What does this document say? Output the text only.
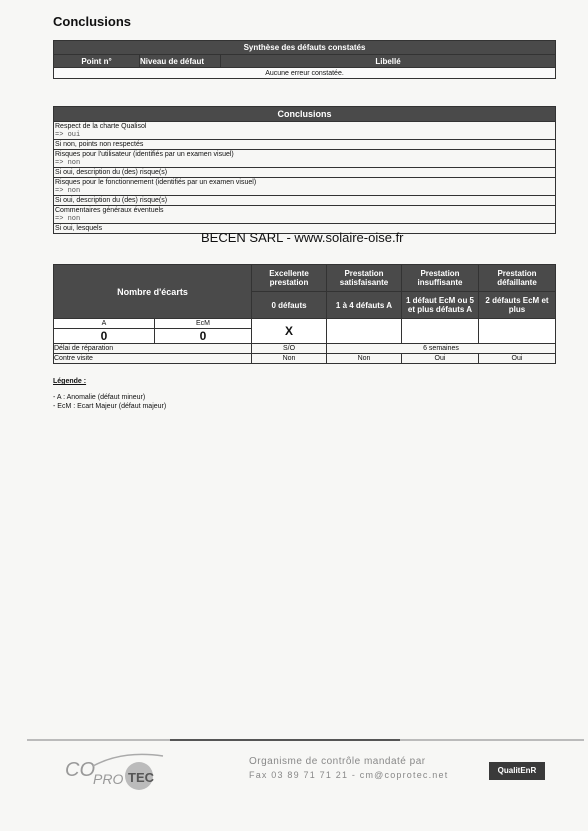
Conclusions
Synthèse des défauts constatés
Point n°	Niveau de défaut	Libellé
Aucune erreur constatée.
Conclusions
Respect de la charte Qualisol
=> oui
Si non, points non respectés
Risques pour l'utilisateur (identifiés par un examen visuel)
=> non
Si oui, description du (des) risque(s)
Risques pour le fonctionnement (identifiés par un examen visuel)
=> non
Si oui, description du (des) risque(s)
Commentaires généraux éventuels
=> non
Si oui, lesquels
BECEN SARL - www.solaire-oise.fr
Nombre d'écarts		Excellente prestation	Prestation satisfaisante	Prestation insuffisante	Prestation défaillante
		0 défauts	1 à 4 défauts A	1 défaut EcM ou 5 et plus défauts A	2 défauts EcM et plus
A	EcM	X			
0	0				
Délai de réparation		S/O	6 semaines		
Contre visite		Non	Non	Oui	Oui
Légende :
- A : Anomalie (défaut mineur)
- EcM : Ecart Majeur (défaut majeur)
CO
PRO TEC
Organisme de contrôle mandaté par
Fax 03 89 71 71 21 - cm@coprotec.net	QualitEnR
